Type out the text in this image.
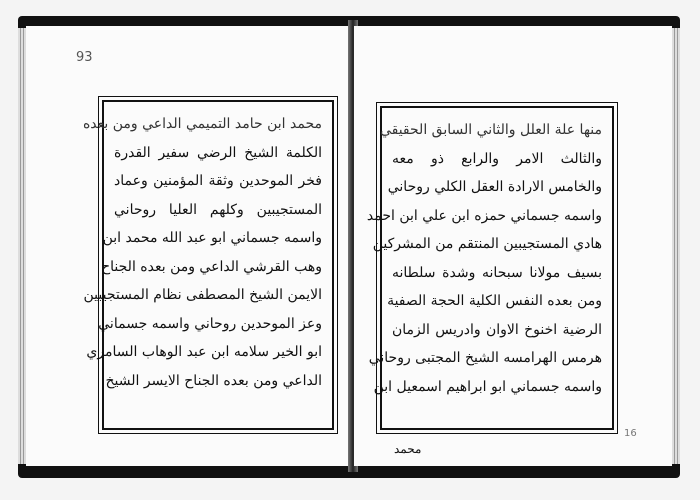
93
محمد ابن حامد التميمي الداعي ومن بعده
الكلمة الشيخ الرضي سفير القدرة
فخر الموحدين وثقة المؤمنين وعماد
المستجيبين وكلهم العليا روحاني
واسمه جسماني ابو عبد الله محمد ابن
وهب القرشي الداعي ومن بعده الجناح
الايمن الشيخ المصطفى نظام المستجيبين
وعز الموحدين روحاني واسمه جسماني
ابو الخير سلامه ابن عبد الوهاب السامري
الداعي ومن بعده الجناح الايسر الشيخ
منها علة العلل والثاني السابق الحقيقي
والثالث الامر والرابع ذو معه
والخامس الارادة العقل الكلي روحاني
واسمه جسماني حمزه ابن علي ابن احمد
هادي المستجيبين المنتقم من المشركين
بسيف مولانا سبحانه وشدة سلطانه
ومن بعده النفس الكلية الحجة الصفية
الرضية اخنوخ الاوان وادريس الزمان
هرمس الهرامسه الشيخ المجتبى روحاني
واسمه جسماني ابو ابراهيم اسمعيل ابن
16
محمد
